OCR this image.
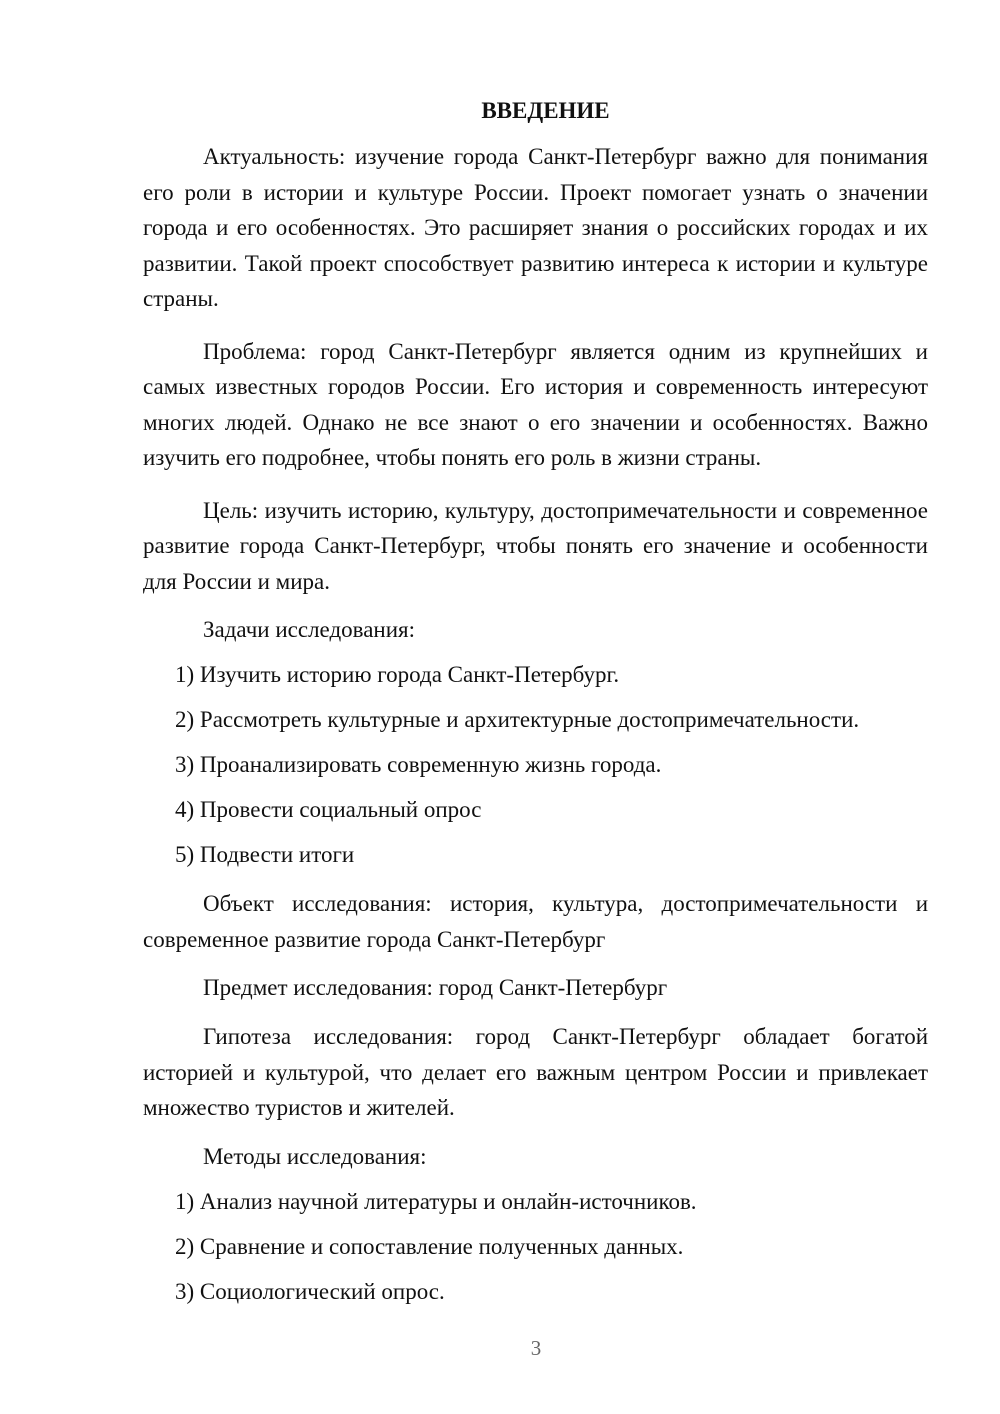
ВВЕДЕНИЕ

Актуальность: изучение города Санкт-Петербург важно для понимания его роли в истории и культуре России. Проект помогает узнать о значении города и его особенностях. Это расширяет знания о российских городах и их развитии. Такой проект способствует развитию интереса к истории и культуре страны.

Проблема: город Санкт-Петербург является одним из крупнейших и самых известных городов России. Его история и современность интересуют многих людей. Однако не все знают о его значении и особенностях. Важно изучить его подробнее, чтобы понять его роль в жизни страны.

Цель: изучить историю, культуру, достопримечательности и современное развитие города Санкт-Петербург, чтобы понять его значение и особенности для России и мира.

Задачи исследования:

1) Изучить историю города Санкт-Петербург.

2) Рассмотреть культурные и архитектурные достопримечательности.

3) Проанализировать современную жизнь города.

4) Провести социальный опрос

5) Подвести итоги

Объект исследования: история, культура, достопримечательности и современное развитие города Санкт-Петербург

Предмет исследования: город Санкт-Петербург

Гипотеза исследования: город Санкт-Петербург обладает богатой историей и культурой, что делает его важным центром России и привлекает множество туристов и жителей.

Методы исследования:

1) Анализ научной литературы и онлайн-источников.

2) Сравнение и сопоставление полученных данных.

3) Социологический опрос.

3
